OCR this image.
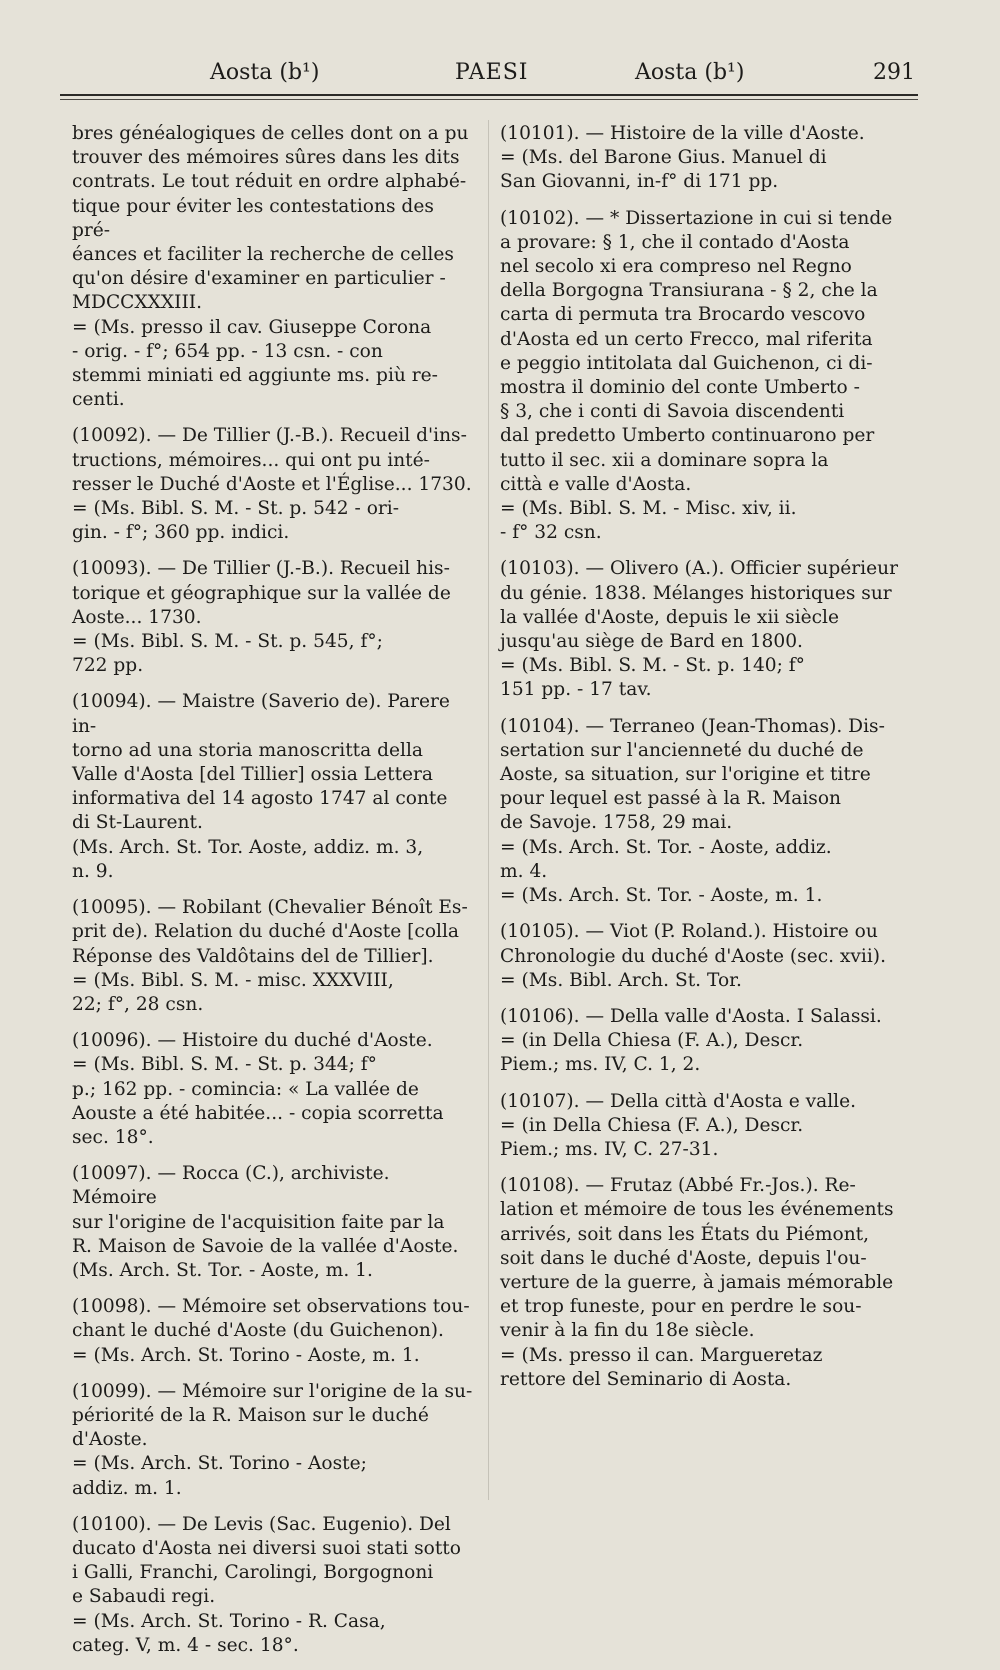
Aosta (b¹)	PAESI	Aosta (b¹)	291

bres généalogiques de celles dont on a pu
trouver des mémoires sûres dans les dits
contrats. Le tout réduit en ordre alphabé-
tique pour éviter les contestations des pré-
éances et faciliter la recherche de celles
qu'on désire d'examiner en particulier -
MDCCXXXIII.
= (Ms. presso il cav. Giuseppe Corona
- orig. - f°; 654 pp. - 13 csn. - con
stemmi miniati ed aggiunte ms. più re-
centi.

(10092). — De Tillier (J.-B.). Recueil d'ins-
tructions, mémoires... qui ont pu inté-
resser le Duché d'Aoste et l'Église... 1730.
= (Ms. Bibl. S. M. - St. p. 542 - ori-
gin. - f°; 360 pp. indici.

(10093). — De Tillier (J.-B.). Recueil his-
torique et géographique sur la vallée de
Aoste... 1730.
= (Ms. Bibl. S. M. - St. p. 545, f°;
722 pp.

(10094). — Maistre (Saverio de). Parere in-
torno ad una storia manoscritta della
Valle d'Aosta [del Tillier] ossia Lettera
informativa del 14 agosto 1747 al conte
di St-Laurent.
(Ms. Arch. St. Tor. Aoste, addiz. m. 3,
n. 9.

(10095). — Robilant (Chevalier Bénoît Es-
prit de). Relation du duché d'Aoste [colla
Réponse des Valdôtains del de Tillier].
= (Ms. Bibl. S. M. - misc. XXXVIII,
22; f°, 28 csn.

(10096). — Histoire du duché d'Aoste.
= (Ms. Bibl. S. M. - St. p. 344; f°
p.; 162 pp. - comincia: « La vallée de
Aouste a été habitée... - copia scorretta
sec. 18°.

(10097). — Rocca (C.), archiviste. Mémoire
sur l'origine de l'acquisition faite par la
R. Maison de Savoie de la vallée d'Aoste.
(Ms. Arch. St. Tor. - Aoste, m. 1.

(10098). — Mémoire set observations tou-
chant le duché d'Aoste (du Guichenon).
= (Ms. Arch. St. Torino - Aoste, m. 1.

(10099). — Mémoire sur l'origine de la su-
périorité de la R. Maison sur le duché
d'Aoste.
= (Ms. Arch. St. Torino - Aoste;
addiz. m. 1.

(10100). — De Levis (Sac. Eugenio). Del
ducato d'Aosta nei diversi suoi stati sotto
i Galli, Franchi, Carolingi, Borgognoni
e Sabaudi regi.
= (Ms. Arch. St. Torino - R. Casa,
categ. V, m. 4 - sec. 18°.

(10101). — Histoire de la ville d'Aoste.
= (Ms. del Barone Gius. Manuel di
San Giovanni, in-f° di 171 pp.

(10102). — * Dissertazione in cui si tende
a provare: § 1, che il contado d'Aosta
nel secolo xi era compreso nel Regno
della Borgogna Transiurana - § 2, che la
carta di permuta tra Brocardo vescovo
d'Aosta ed un certo Frecco, mal riferita
e peggio intitolata dal Guichenon, ci di-
mostra il dominio del conte Umberto -
§ 3, che i conti di Savoia discendenti
dal predetto Umberto continuarono per
tutto il sec. xii a dominare sopra la
città e valle d'Aosta.
= (Ms. Bibl. S. M. - Misc. xiv, ii.
- f° 32 csn.

(10103). — Olivero (A.). Officier supérieur
du génie. 1838. Mélanges historiques sur
la vallée d'Aoste, depuis le xii siècle
jusqu'au siège de Bard en 1800.
= (Ms. Bibl. S. M. - St. p. 140; f°
151 pp. - 17 tav.

(10104). — Terraneo (Jean-Thomas). Dis-
sertation sur l'ancienneté du duché de
Aoste, sa situation, sur l'origine et titre
pour lequel est passé à la R. Maison
de Savoje. 1758, 29 mai.
= (Ms. Arch. St. Tor. - Aoste, addiz.
m. 4.
= (Ms. Arch. St. Tor. - Aoste, m. 1.

(10105). — Viot (P. Roland.). Histoire ou
Chronologie du duché d'Aoste (sec. xvii).
= (Ms. Bibl. Arch. St. Tor.

(10106). — Della valle d'Aosta. I Salassi.
= (in Della Chiesa (F. A.), Descr.
Piem.; ms. IV, C. 1, 2.

(10107). — Della città d'Aosta e valle.
= (in Della Chiesa (F. A.), Descr.
Piem.; ms. IV, C. 27-31.

(10108). — Frutaz (Abbé Fr.-Jos.). Re-
lation et mémoire de tous les événements
arrivés, soit dans les États du Piémont,
soit dans le duché d'Aoste, depuis l'ou-
verture de la guerre, à jamais mémorable
et trop funeste, pour en perdre le sou-
venir à la fin du 18e siècle.
= (Ms. presso il can. Margueretaz
rettore del Seminario di Aosta.
